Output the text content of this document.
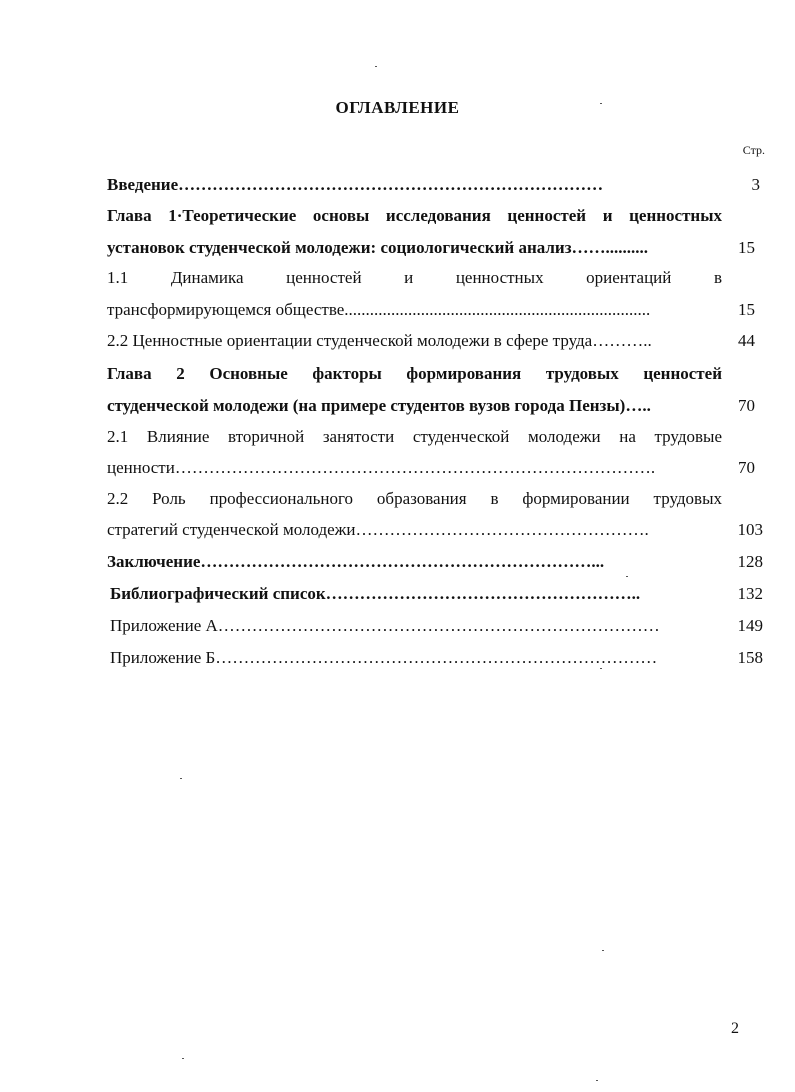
ОГЛАВЛЕНИЕ
Стр.
Введение…………………………………………………………………	3
Глава 1·Теоретические основы исследования ценностей и ценностных
установок студенческой молодежи: социологический анализ……..........	15
1.1 Динамика ценностей и ценностных ориентаций в
трансформирующемся обществе........................................................................	15
2.2 Ценностные ориентации студенческой молодежи в сфере труда………..	44
Глава 2 Основные факторы формирования трудовых ценностей
студенческой молодежи (на примере студентов вузов города Пензы)…..	70
2.1 Влияние вторичной занятости студенческой молодежи на трудовые
ценности………………………………………………………………………….	70
2.2 Роль профессионального образования в формировании трудовых
стратегий студенческой молодежи…………………………………………….	103
Заключение……………………………………………………………...	128
Библиографический список………………………………………………..	132
Приложение А……………………………………………………………………	149
Приложение Б……………………………………………………………………	158
2
